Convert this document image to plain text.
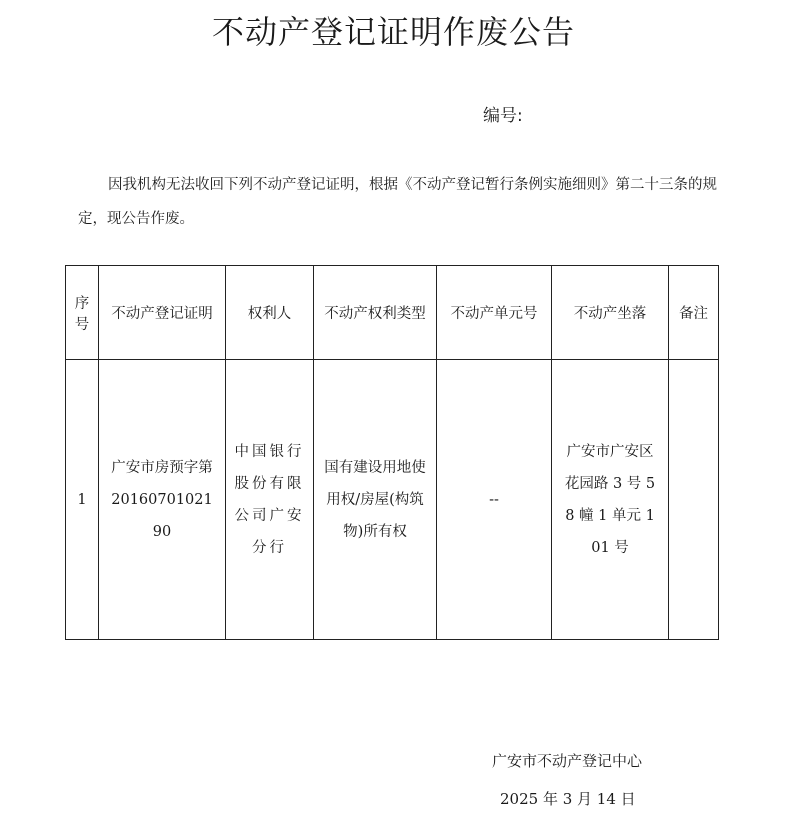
不动产登记证明作废公告
编号:
因我机构无法收回下列不动产登记证明，根据《不动产登记暂行条例实施细则》第二十三条的规定，现公告作废。
序号	不动产登记证明	权利人	不动产权利类型	不动产单元号	不动产坐落	备注
1	广安市房预字第2016070102190	中国银行股份有限公司广安分行	国有建设用地使用权/房屋(构筑物)所有权	--	广安市广安区花园路 3 号 58 幢 1 单元 101 号	
广安市不动产登记中心
2025 年 3 月 14 日
